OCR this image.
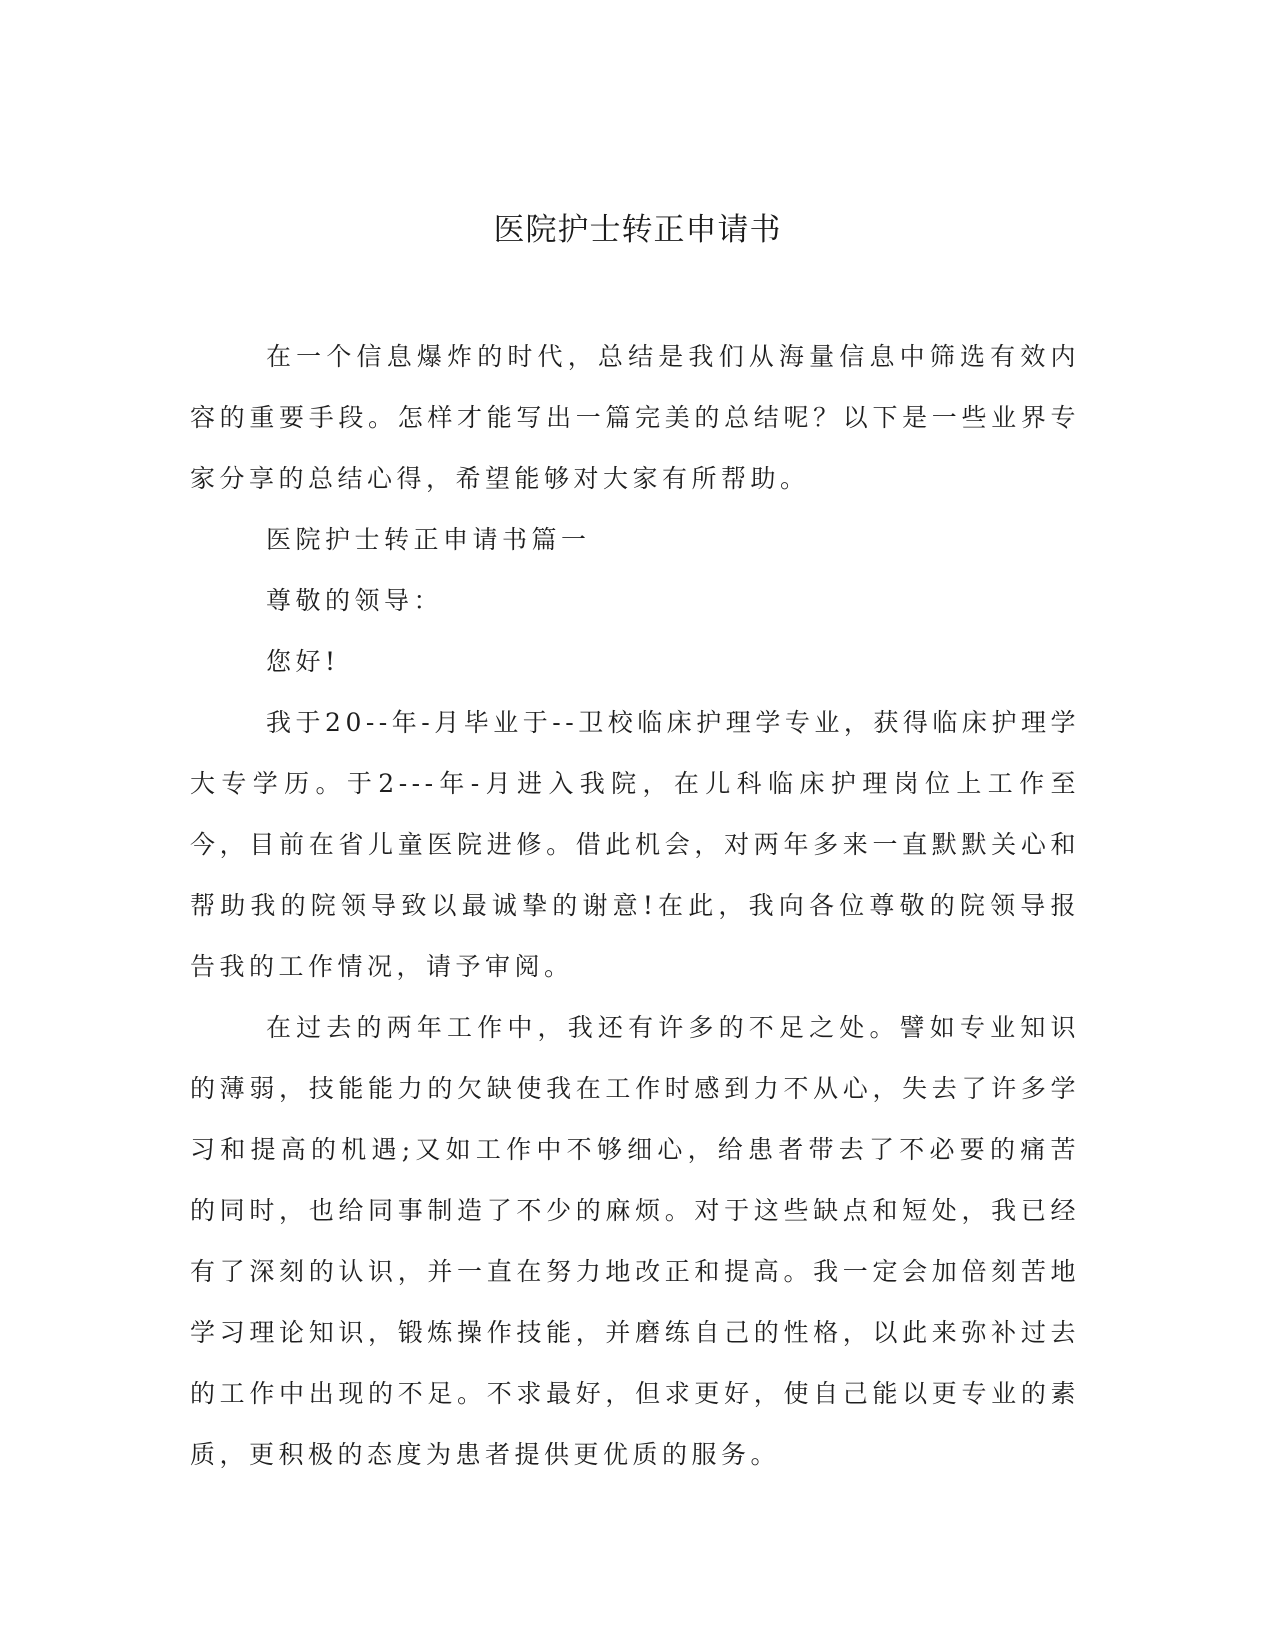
医院护士转正申请书

在一个信息爆炸的时代，总结是我们从海量信息中筛选有效内容的重要手段。怎样才能写出一篇完美的总结呢？以下是一些业界专家分享的总结心得，希望能够对大家有所帮助。

医院护士转正申请书篇一

尊敬的领导：

您好!

我于20--年-月毕业于--卫校临床护理学专业，获得临床护理学大专学历。于2---年-月进入我院，在儿科临床护理岗位上工作至今，目前在省儿童医院进修。借此机会，对两年多来一直默默关心和帮助我的院领导致以最诚挚的谢意!在此，我向各位尊敬的院领导报告我的工作情况，请予审阅。

在过去的两年工作中，我还有许多的不足之处。譬如专业知识的薄弱，技能能力的欠缺使我在工作时感到力不从心，失去了许多学习和提高的机遇;又如工作中不够细心，给患者带去了不必要的痛苦的同时，也给同事制造了不少的麻烦。对于这些缺点和短处，我已经有了深刻的认识，并一直在努力地改正和提高。我一定会加倍刻苦地学习理论知识，锻炼操作技能，并磨练自己的性格，以此来弥补过去的工作中出现的不足。不求最好，但求更好，使自己能以更专业的素质，更积极的态度为患者提供更优质的服务。
